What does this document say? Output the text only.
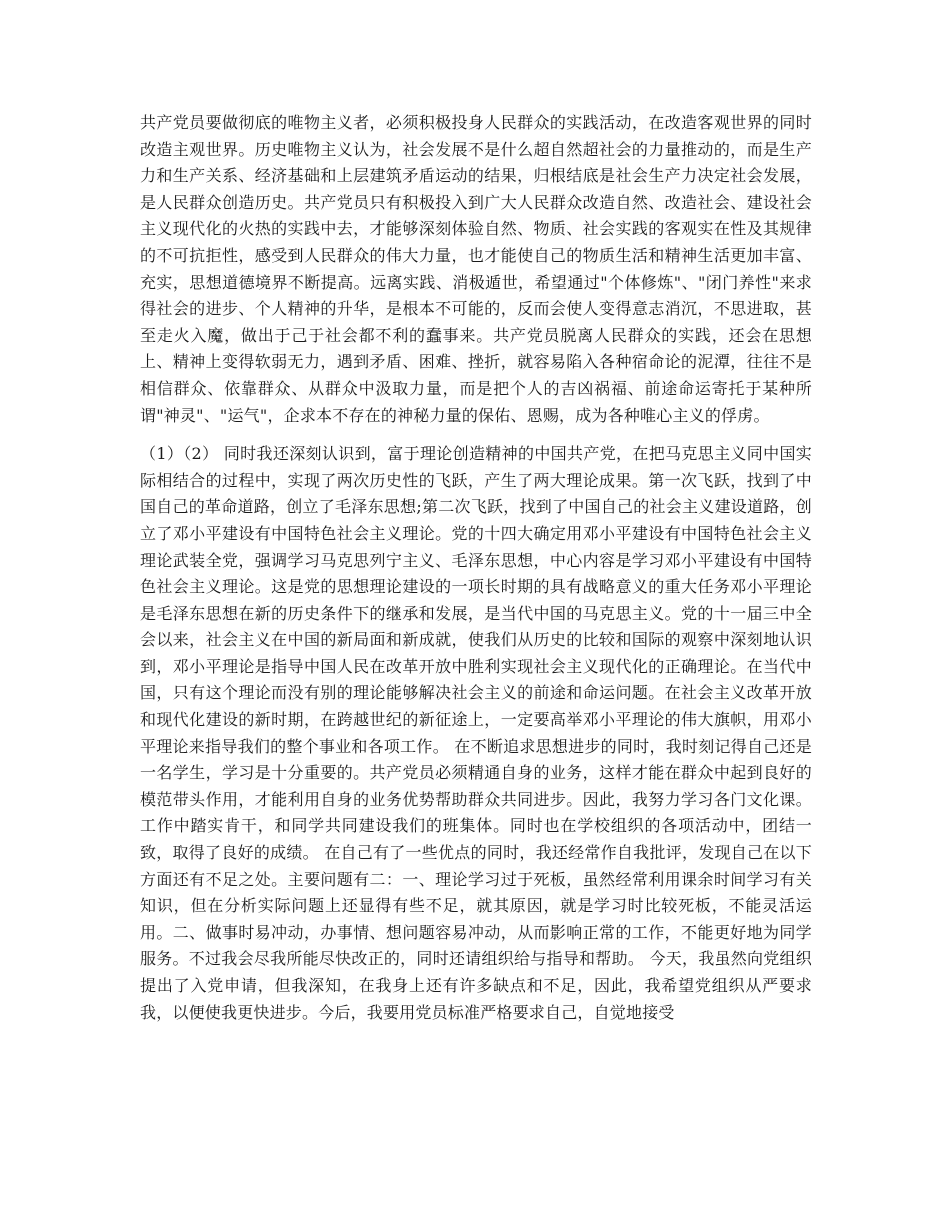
共产党员要做彻底的唯物主义者，必须积极投身人民群众的实践活动，在改造客观世界的同时改造主观世界。历史唯物主义认为，社会发展不是什么超自然超社会的力量推动的，而是生产力和生产关系、经济基础和上层建筑矛盾运动的结果，归根结底是社会生产力决定社会发展，是人民群众创造历史。共产党员只有积极投入到广大人民群众改造自然、改造社会、建设社会主义现代化的火热的实践中去，才能够深刻体验自然、物质、社会实践的客观实在性及其规律的不可抗拒性，感受到人民群众的伟大力量，也才能使自己的物质生活和精神生活更加丰富、充实，思想道德境界不断提高。远离实践、消极遁世，希望通过"个体修炼"、"闭门养性"来求得社会的进步、个人精神的升华，是根本不可能的，反而会使人变得意志消沉，不思进取，甚至走火入魔，做出于己于社会都不利的蠢事来。共产党员脱离人民群众的实践，还会在思想上、精神上变得软弱无力，遇到矛盾、困难、挫折，就容易陷入各种宿命论的泥潭，往往不是相信群众、依靠群众、从群众中汲取力量，而是把个人的吉凶祸福、前途命运寄托于某种所谓"神灵"、"运气"，企求本不存在的神秘力量的保佑、恩赐，成为各种唯心主义的俘虏。

（1）（2） 同时我还深刻认识到，富于理论创造精神的中国共产党，在把马克思主义同中国实际相结合的过程中，实现了两次历史性的飞跃，产生了两大理论成果。第一次飞跃，找到了中国自己的革命道路，创立了毛泽东思想;第二次飞跃，找到了中国自己的社会主义建设道路，创立了邓小平建设有中国特色社会主义理论。党的十四大确定用邓小平建设有中国特色社会主义理论武装全党，强调学习马克思列宁主义、毛泽东思想，中心内容是学习邓小平建设有中国特色社会主义理论。这是党的思想理论建设的一项长时期的具有战略意义的重大任务邓小平理论是毛泽东思想在新的历史条件下的继承和发展，是当代中国的马克思主义。党的十一届三中全会以来，社会主义在中国的新局面和新成就，使我们从历史的比较和国际的观察中深刻地认识到，邓小平理论是指导中国人民在改革开放中胜利实现社会主义现代化的正确理论。在当代中国，只有这个理论而没有别的理论能够解决社会主义的前途和命运问题。在社会主义改革开放和现代化建设的新时期，在跨越世纪的新征途上，一定要高举邓小平理论的伟大旗帜，用邓小平理论来指导我们的整个事业和各项工作。 在不断追求思想进步的同时，我时刻记得自己还是一名学生，学习是十分重要的。共产党员必须精通自身的业务，这样才能在群众中起到良好的模范带头作用，才能利用自身的业务优势帮助群众共同进步。因此，我努力学习各门文化课。工作中踏实肯干，和同学共同建设我们的班集体。同时也在学校组织的各项活动中，团结一致，取得了良好的成绩。 在自己有了一些优点的同时，我还经常作自我批评，发现自己在以下方面还有不足之处。主要问题有二：一、理论学习过于死板，虽然经常利用课余时间学习有关知识，但在分析实际问题上还显得有些不足，就其原因，就是学习时比较死板，不能灵活运用。二、做事时易冲动，办事情、想问题容易冲动，从而影响正常的工作，不能更好地为同学服务。不过我会尽我所能尽快改正的，同时还请组织给与指导和帮助。 今天，我虽然向党组织提出了入党申请，但我深知，在我身上还有许多缺点和不足，因此，我希望党组织从严要求我，以便使我更快进步。今后，我要用党员标准严格要求自己，自觉地接受
